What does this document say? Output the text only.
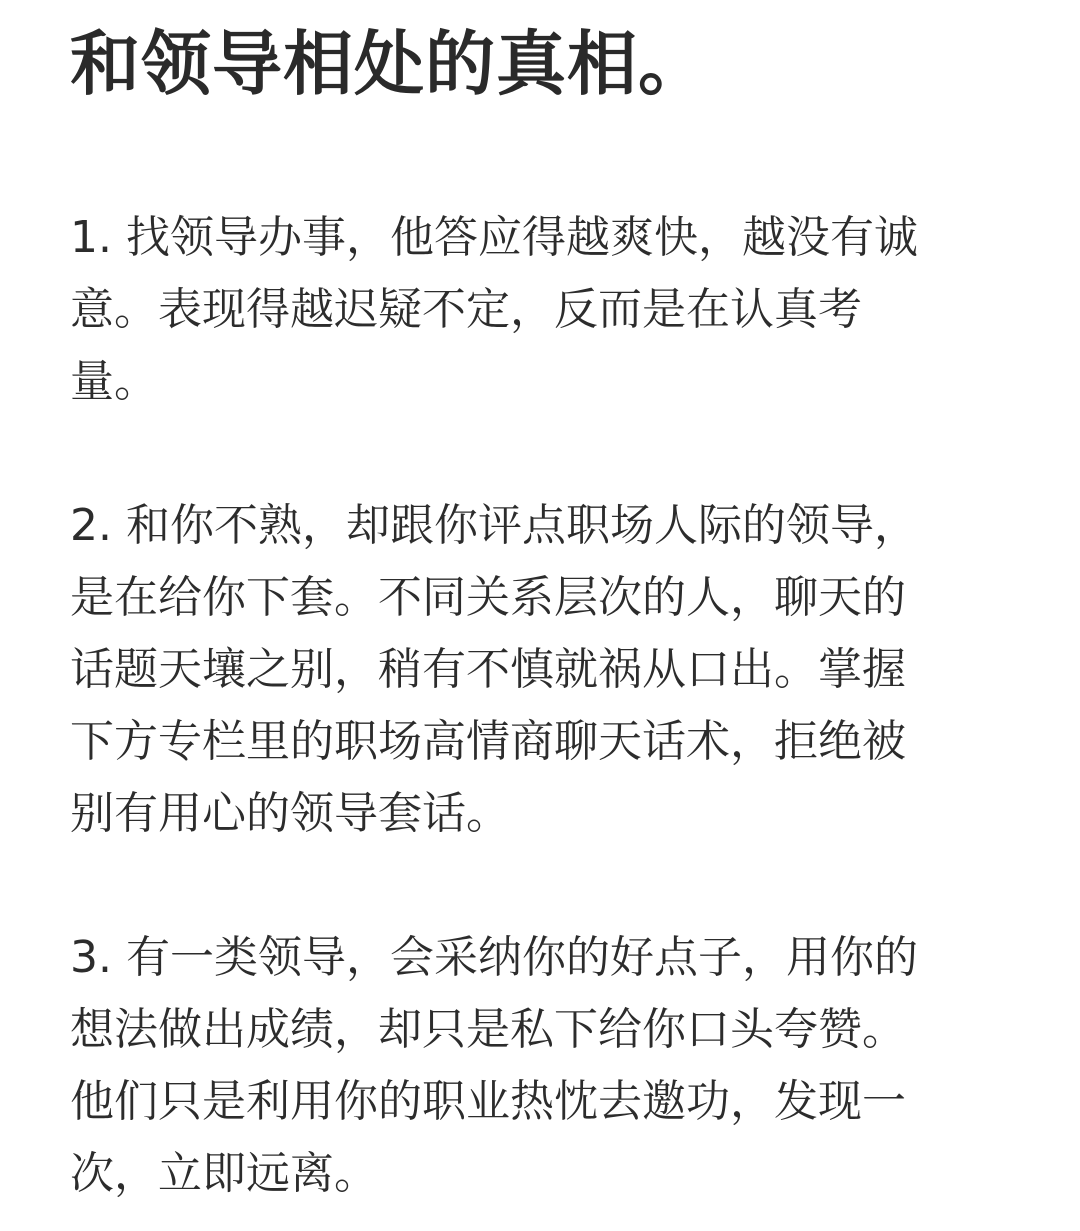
和领导相处的真相。

1. 找领导办事，他答应得越爽快，越没有诚
意。表现得越迟疑不定，反而是在认真考
量。

2. 和你不熟，却跟你评点职场人际的领导，
是在给你下套。不同关系层次的人，聊天的
话题天壤之别，稍有不慎就祸从口出。掌握
下方专栏里的职场高情商聊天话术，拒绝被
别有用心的领导套话。

3. 有一类领导，会采纳你的好点子，用你的
想法做出成绩，却只是私下给你口头夸赞。
他们只是利用你的职业热忱去邀功，发现一
次，立即远离。
